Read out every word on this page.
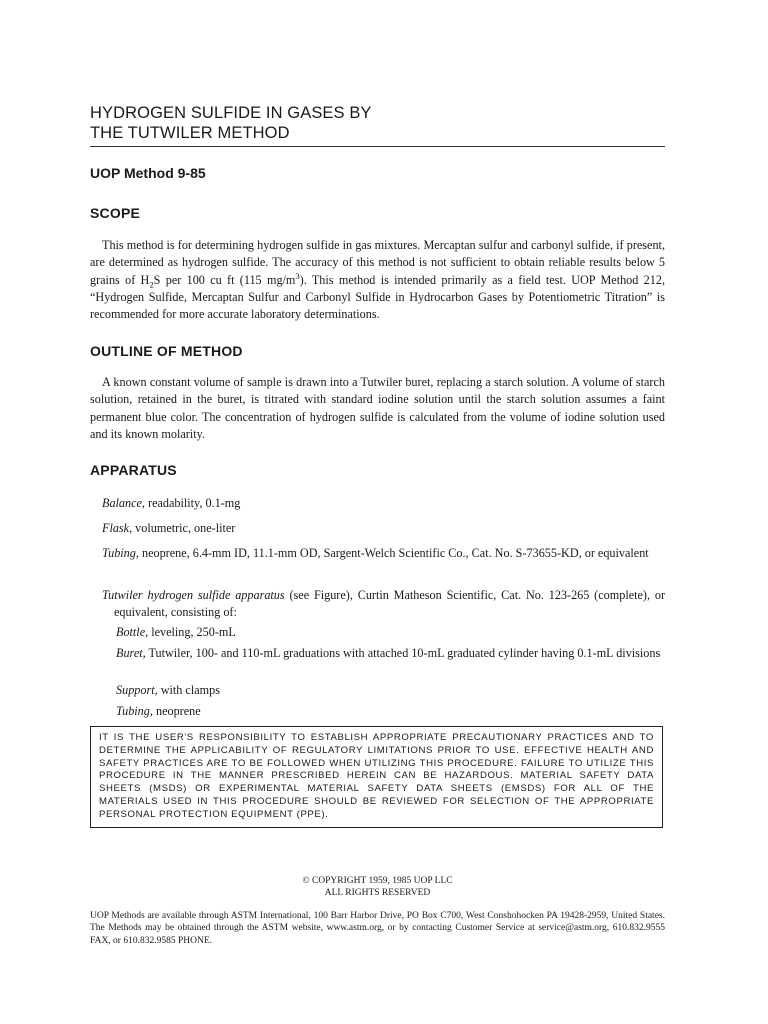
HYDROGEN SULFIDE IN GASES BY
THE TUTWILER METHOD
UOP Method 9-85
SCOPE
This method is for determining hydrogen sulfide in gas mixtures. Mercaptan sulfur and carbonyl sulfide, if present, are determined as hydrogen sulfide. The accuracy of this method is not sufficient to obtain reliable results below 5 grains of $H_2S$ per 100 cu ft (115 $mg/m^3$). This method is intended primarily as a field test. UOP Method 212, “Hydrogen Sulfide, Mercaptan Sulfur and Carbonyl Sulfide in Hydrocarbon Gases by Potentiometric Titration” is recommended for more accurate laboratory determinations.
OUTLINE OF METHOD
A known constant volume of sample is drawn into a Tutwiler buret, replacing a starch solution. A volume of starch solution, retained in the buret, is titrated with standard iodine solution until the starch solution assumes a faint permanent blue color. The concentration of hydrogen sulfide is calculated from the volume of iodine solution used and its known molarity.
APPARATUS
Balance, readability, 0.1-mg
Flask, volumetric, one-liter
Tubing, neoprene, 6.4-mm ID, 11.1-mm OD, Sargent-Welch Scientific Co., Cat. No. S-73655-KD, or equivalent
Tutwiler hydrogen sulfide apparatus (see Figure), Curtin Matheson Scientific, Cat. No. 123-265 (complete), or equivalent, consisting of:
Bottle, leveling, 250-mL
Buret, Tutwiler, 100- and 110-mL graduations with attached 10-mL graduated cylinder having 0.1-mL divisions
Support, with clamps
Tubing, neoprene
IT IS THE USER'S RESPONSIBILITY TO ESTABLISH APPROPRIATE PRECAUTIONARY PRACTICES AND TO DETERMINE THE APPLICABILITY OF REGULATORY LIMITATIONS PRIOR TO USE. EFFECTIVE HEALTH AND SAFETY PRACTICES ARE TO BE FOLLOWED WHEN UTILIZING THIS PROCEDURE. FAILURE TO UTILIZE THIS PROCEDURE IN THE MANNER PRESCRIBED HEREIN CAN BE HAZARDOUS. MATERIAL SAFETY DATA SHEETS (MSDS) OR EXPERIMENTAL MATERIAL SAFETY DATA SHEETS (EMSDS) FOR ALL OF THE MATERIALS USED IN THIS PROCEDURE SHOULD BE REVIEWED FOR SELECTION OF THE APPROPRIATE PERSONAL PROTECTION EQUIPMENT (PPE).
© COPYRIGHT 1959, 1985 UOP LLC
ALL RIGHTS RESERVED
UOP Methods are available through ASTM International, 100 Barr Harbor Drive, PO Box C700, West Conshohocken PA 19428-2959, United States. The Methods may be obtained through the ASTM website, www.astm.org, or by contacting Customer Service at service@astm.org, 610.832.9555 FAX, or 610.832.9585 PHONE.
